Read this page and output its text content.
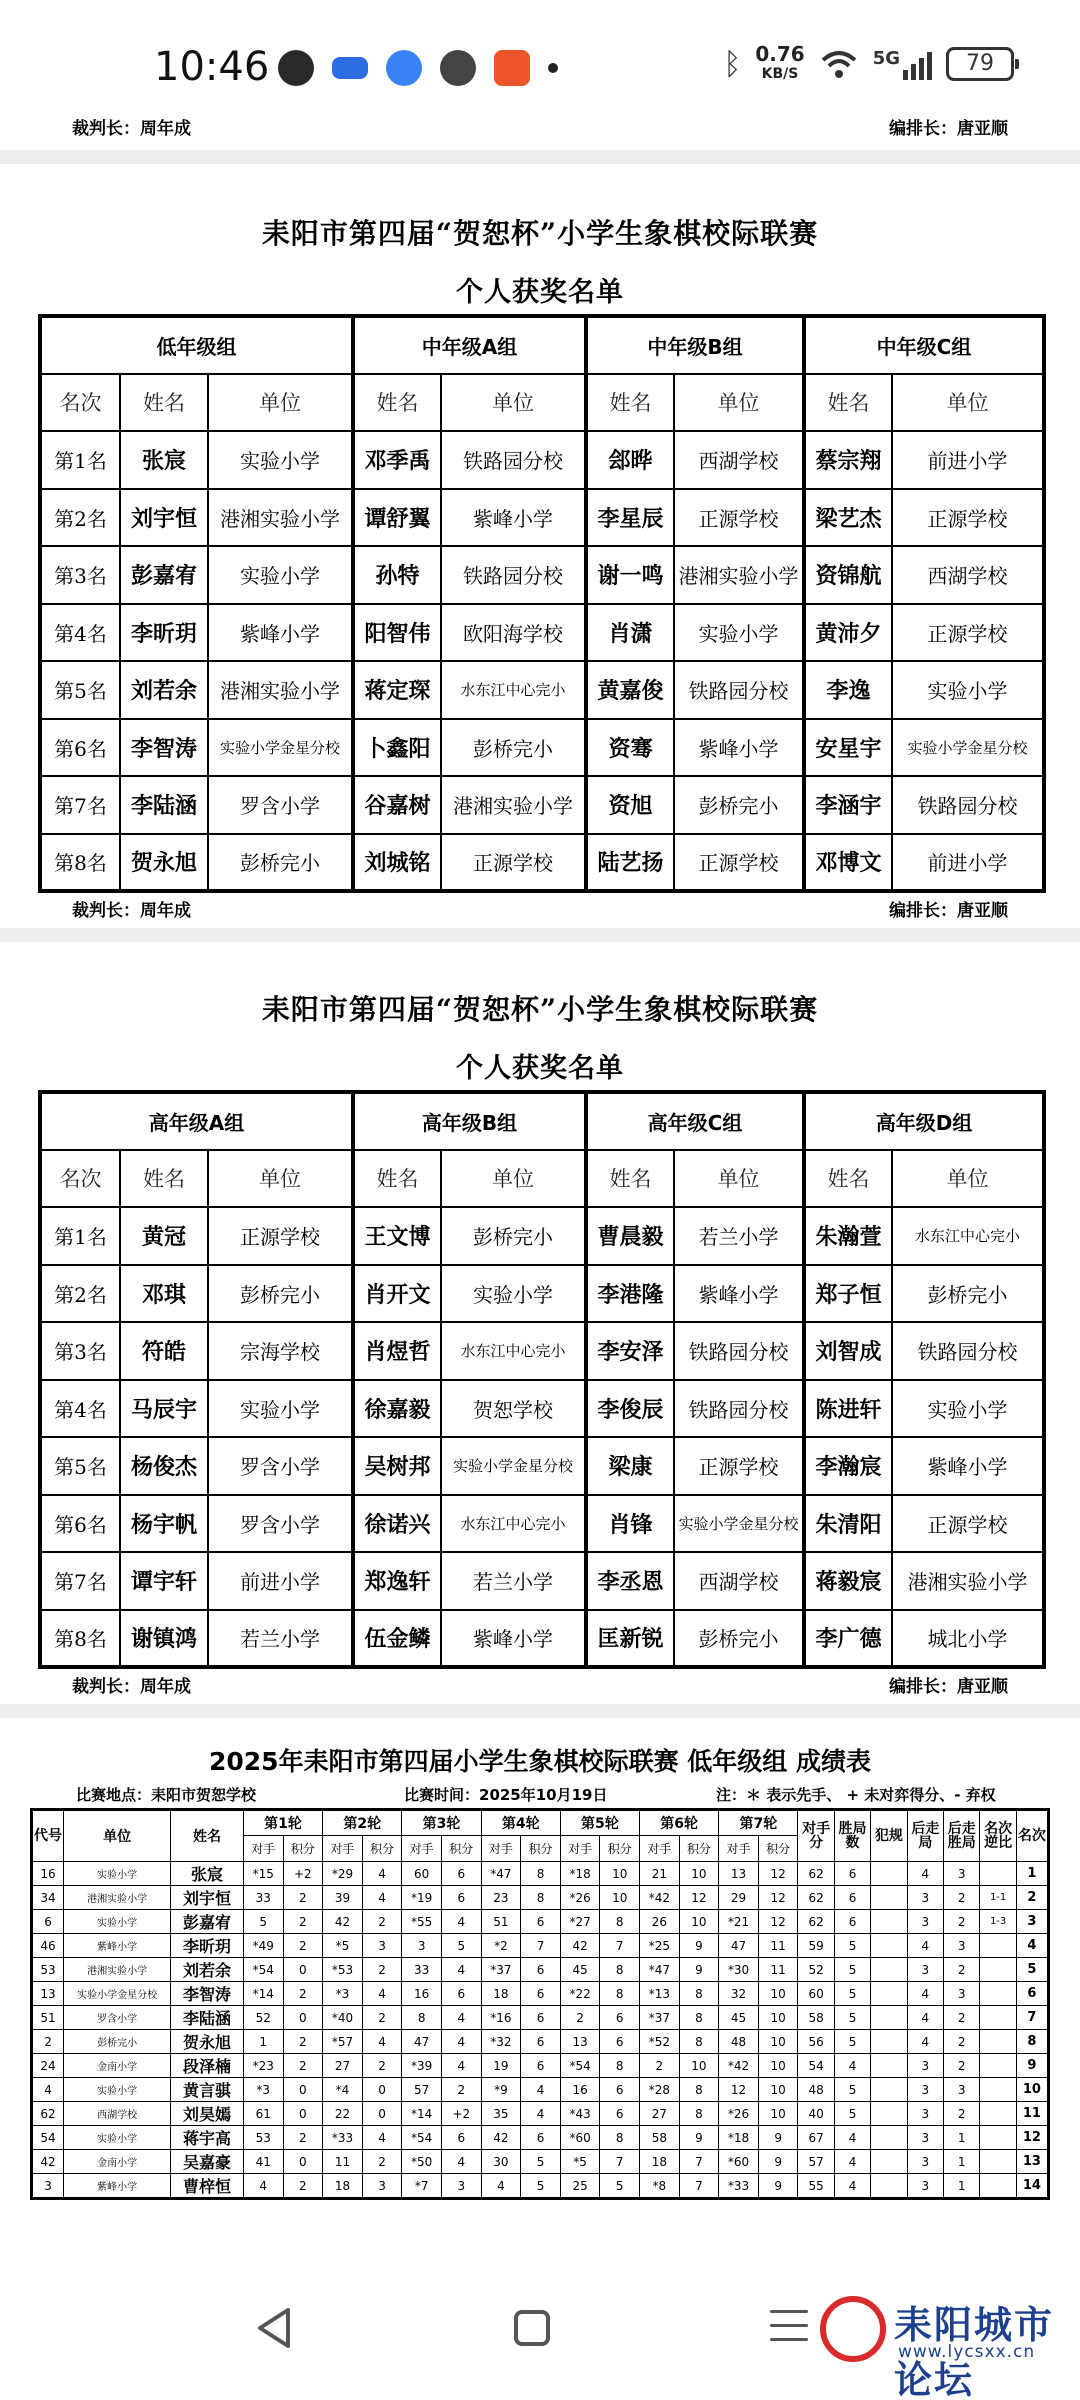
10:46	ᛒ 0.76
KB/S
5G	79
裁判长：周年成	编排长：唐亚顺
耒阳市第四届“贺恕杯”小学生象棋校际联赛
个人获奖名单
低年级组			中年级A组		中年级B组		中年级C组	
名次	姓名	单位	姓名	单位	姓名	单位	姓名	单位
第1名	张宸	实验小学	邓季禹	铁路园分校	郐晔	西湖学校	蔡宗翔	前进小学
第2名	刘宇恒	港湘实验小学	谭舒翼	紫峰小学	李星辰	正源学校	梁艺杰	正源学校
第3名	彭嘉宥	实验小学	孙特	铁路园分校	谢一鸣	港湘实验小学	资锦航	西湖学校
第4名	李昕玥	紫峰小学	阳智伟	欧阳海学校	肖潇	实验小学	黄沛夕	正源学校
第5名	刘若余	港湘实验小学	蒋定琛	水东江中心完小	黄嘉俊	铁路园分校	李逸	实验小学
第6名	李智涛	实验小学金星分校	卜鑫阳	彭桥完小	资骞	紫峰小学	安星宇	实验小学金星分校
第7名	李陆涵	罗含小学	谷嘉树	港湘实验小学	资旭	彭桥完小	李涵宇	铁路园分校
第8名	贺永旭	彭桥完小	刘城铭	正源学校	陆艺扬	正源学校	邓博文	前进小学
裁判长：周年成	编排长：唐亚顺
耒阳市第四届“贺恕杯”小学生象棋校际联赛
个人获奖名单
高年级A组			高年级B组		高年级C组		高年级D组	
名次	姓名	单位	姓名	单位	姓名	单位	姓名	单位
第1名	黄冠	正源学校	王文博	彭桥完小	曹晨毅	若兰小学	朱瀚萱	水东江中心完小
第2名	邓琪	彭桥完小	肖开文	实验小学	李港隆	紫峰小学	郑子恒	彭桥完小
第3名	符皓	宗海学校	肖煜哲	水东江中心完小	李安泽	铁路园分校	刘智成	铁路园分校
第4名	马辰宇	实验小学	徐嘉毅	贺恕学校	李俊辰	铁路园分校	陈进轩	实验小学
第5名	杨俊杰	罗含小学	吴树邦	实验小学金星分校	梁康	正源学校	李瀚宸	紫峰小学
第6名	杨宇帆	罗含小学	徐诺兴	水东江中心完小	肖锋	实验小学金星分校	朱清阳	正源学校
第7名	谭宇轩	前进小学	郑逸轩	若兰小学	李丞恩	西湖学校	蒋毅宸	港湘实验小学
第8名	谢镇鸿	若兰小学	伍金鳞	紫峰小学	匡新锐	彭桥完小	李广德	城北小学
裁判长：周年成	编排长：唐亚顺
2025年耒阳市第四届小学生象棋校际联赛 低年级组 成绩表
比赛地点：耒阳市贺恕学校	比赛时间：2025年10月19日	注：＊ 表示先手、 + 未对弈得分、- 弃权
代号	单位	姓名	第1轮		第2轮		第3轮		第4轮		第5轮		第6轮		第7轮		对手分	胜局数	犯规	后走局	后走胜局	名次逆比	名次
			对手	积分	对手	积分	对手	积分	对手	积分	对手	积分	对手	积分	对手	积分							
16	实验小学	张宸	*15	+2	*29	4	60	6	*47	8	*18	10	21	10	13	12	62	6		4	3		1
34	港湘实验小学	刘宇恒	33	2	39	4	*19	6	23	8	*26	10	*42	12	29	12	62	6		3	2	1-1	2
6	实验小学	彭嘉宥	5	2	42	2	*55	4	51	6	*27	8	26	10	*21	12	62	6		3	2	1-3	3
46	紫峰小学	李昕玥	*49	2	*5	3	3	5	*2	7	42	7	*25	9	47	11	59	5		4	3		4
53	港湘实验小学	刘若余	*54	0	*53	2	33	4	*37	6	45	8	*47	9	*30	11	52	5		3	2		5
13	实验小学金星分校	李智涛	*14	2	*3	4	16	6	18	6	*22	8	*13	8	32	10	60	5		4	3		6
51	罗含小学	李陆涵	52	0	*40	2	8	4	*16	6	2	6	*37	8	45	10	58	5		4	2		7
2	彭桥完小	贺永旭	1	2	*57	4	47	4	*32	6	13	6	*52	8	48	10	56	5		4	2		8
24	金南小学	段泽楠	*23	2	27	2	*39	4	19	6	*54	8	2	10	*42	10	54	4		3	2		9
4	实验小学	黄言骐	*3	0	*4	0	57	2	*9	4	16	6	*28	8	12	10	48	5		3	3		10
62	西湖学校	刘昊嫣	61	0	22	0	*14	+2	35	4	*43	6	27	8	*26	10	40	5		3	2		11
54	实验小学	蒋宇高	53	2	*33	4	*54	6	42	6	*60	8	58	9	*18	9	67	4		3	1		12
42	金南小学	吴嘉豪	41	0	11	2	*50	4	30	5	*5	7	18	7	*60	9	57	4		3	1		13
3	紫峰小学	曹梓恒	4	2	18	3	*7	3	4	5	25	5	*8	7	*33	9	55	4		3	1		14
耒阳城市论坛
www.lycsxx.cn
